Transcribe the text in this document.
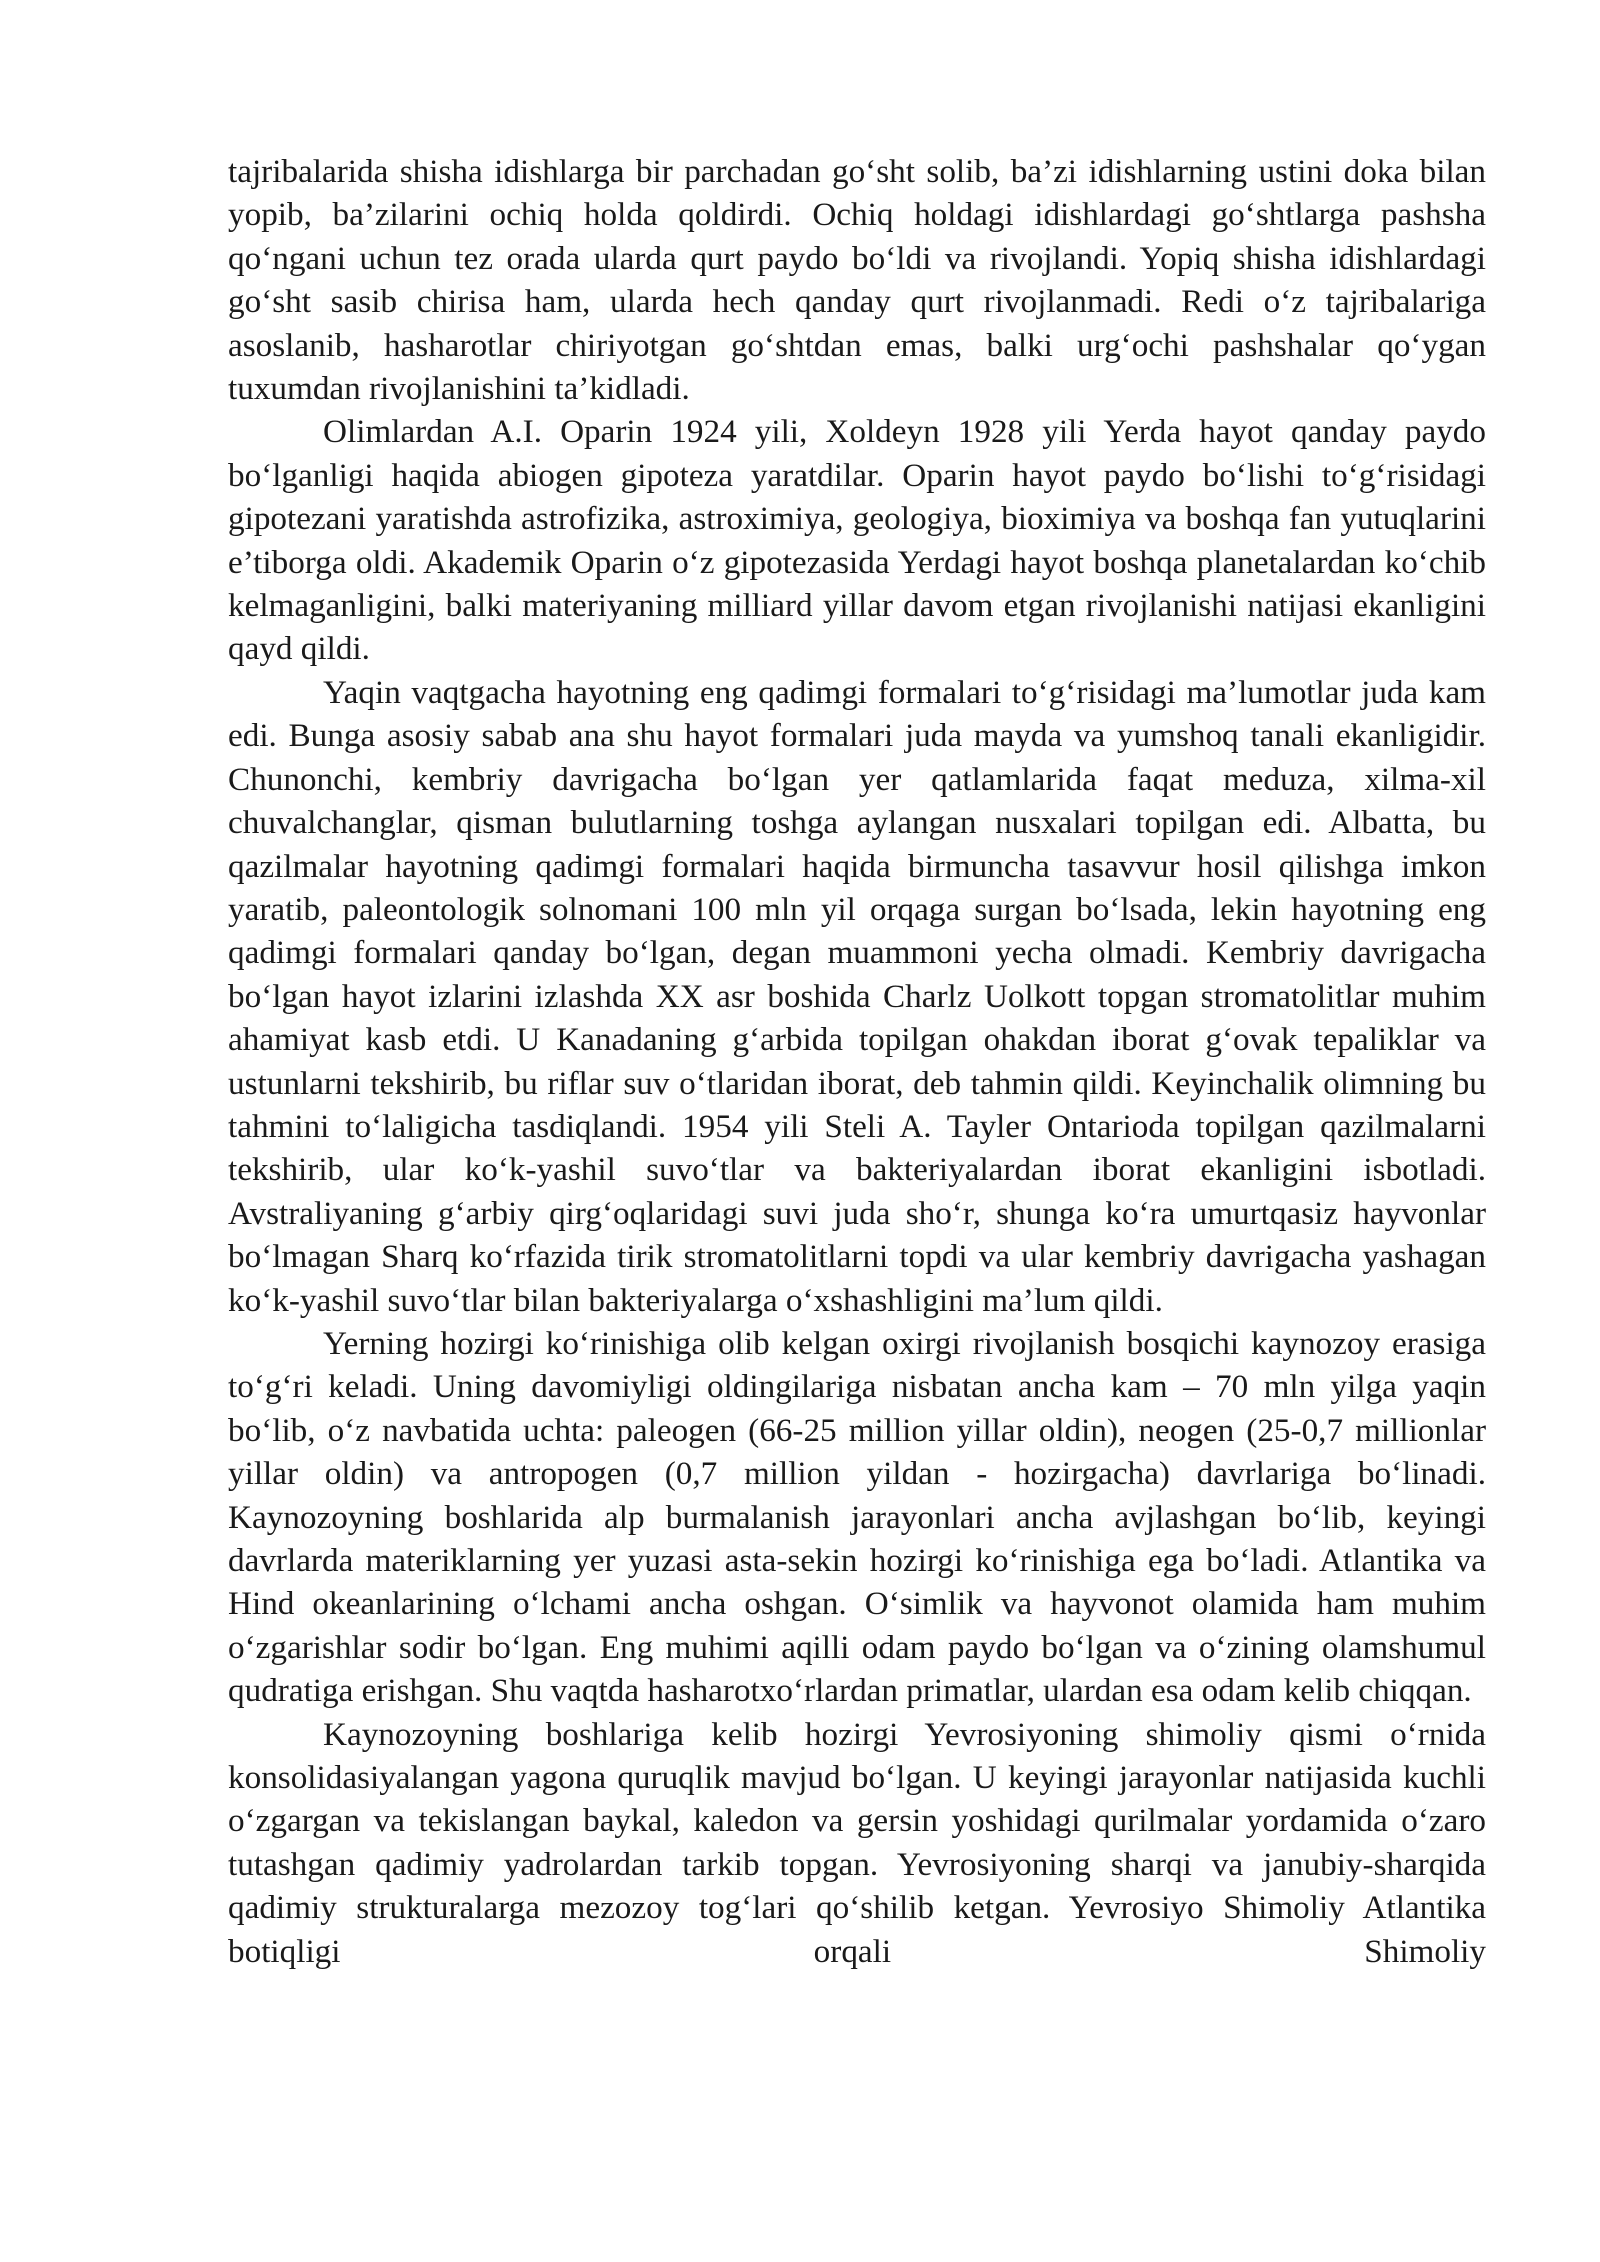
tajribalarida shisha idishlarga bir parchadan go‘sht solib, ba’zi idishlarning ustini doka bilan yopib, ba’zilarini ochiq holda qoldirdi. Ochiq holdagi idishlardagi go‘shtlarga pashsha qo‘ngani uchun tez orada ularda qurt paydo bo‘ldi va rivojlandi. Yopiq shisha idishlardagi go‘sht sasib chirisa ham, ularda hech qanday qurt rivojlanmadi. Redi o‘z tajribalariga asoslanib, hasharotlar chiriyotgan go‘shtdan emas, balki urg‘ochi pashshalar qo‘ygan tuxumdan rivojlanishini ta’kidladi.

Olimlardan A.I. Oparin 1924 yili, Xoldeyn 1928 yili Yerda hayot qanday paydo bo‘lganligi haqida abiogen gipoteza yaratdilar. Oparin hayot paydo bo‘lishi to‘g‘risidagi gipotezani yaratishda astrofizika, astroximiya, geologiya, bioximiya va boshqa fan yutuqlarini e’tiborga oldi. Akademik Oparin o‘z gipotezasida Yerdagi hayot boshqa planetalardan ko‘chib kelmaganligini, balki materiyaning milliard yillar davom etgan rivojlanishi natijasi ekanligini qayd qildi.

Yaqin vaqtgacha hayotning eng qadimgi formalari to‘g‘risidagi ma’lumotlar juda kam edi. Bunga asosiy sabab ana shu hayot formalari juda mayda va yumshoq tanali ekanligidir. Chunonchi, kembriy davrigacha bo‘lgan yer qatlamlarida faqat meduza, xilma-xil chuvalchanglar, qisman bulutlarning toshga aylangan nusxalari topilgan edi. Albatta, bu qazilmalar hayotning qadimgi formalari haqida birmuncha tasavvur hosil qilishga imkon yaratib, paleontologik solnomani 100 mln yil orqaga surgan bo‘lsada, lekin hayotning eng qadimgi formalari qanday bo‘lgan, degan muammoni yecha olmadi. Kembriy davrigacha bo‘lgan hayot izlarini izlashda XX asr boshida Charlz Uolkott topgan stromatolitlar muhim ahamiyat kasb etdi. U Kanadaning g‘arbida topilgan ohakdan iborat g‘ovak tepaliklar va ustunlarni tekshirib, bu riflar suv o‘tlaridan iborat, deb tahmin qildi. Keyinchalik olimning bu tahmini to‘laligicha tasdiqlandi. 1954 yili Steli A. Tayler Ontarioda topilgan qazilmalarni tekshirib, ular ko‘k-yashil suvo‘tlar va bakteriyalardan iborat ekanligini isbotladi. Avstraliyaning g‘arbiy qirg‘oqlaridagi suvi juda sho‘r, shunga ko‘ra umurtqasiz hayvonlar bo‘lmagan Sharq ko‘rfazida tirik stromatolitlarni topdi va ular kembriy davrigacha yashagan ko‘k-yashil suvo‘tlar bilan bakteriyalarga o‘xshashligini ma’lum qildi.

Yerning hozirgi ko‘rinishiga olib kelgan oxirgi rivojlanish bosqichi kaynozoy erasiga to‘g‘ri keladi. Uning davomiyligi oldingilariga nisbatan ancha kam – 70 mln yilga yaqin bo‘lib, o‘z navbatida uchta: paleogen (66-25 million yillar oldin), neogen (25-0,7 millionlar yillar oldin) va antropogen (0,7 million yildan - hozirgacha) davrlariga bo‘linadi. Kaynozoyning boshlarida alp burmalanish jarayonlari ancha avjlashgan bo‘lib, keyingi davrlarda materiklarning yer yuzasi asta-sekin hozirgi ko‘rinishiga ega bo‘ladi. Atlantika va Hind okeanlarining o‘lchami ancha oshgan. O‘simlik va hayvonot olamida ham muhim o‘zgarishlar sodir bo‘lgan. Eng muhimi aqilli odam paydo bo‘lgan va o‘zining olamshumul qudratiga erishgan. Shu vaqtda hasharotxo‘rlardan primatlar, ulardan esa odam kelib chiqqan.

Kaynozoyning boshlariga kelib hozirgi Yevrosiyoning shimoliy qismi o‘rnida konsolidasiyalangan yagona quruqlik mavjud bo‘lgan. U keyingi jarayonlar natijasida kuchli o‘zgargan va tekislangan baykal, kaledon va gersin yoshidagi qurilmalar yordamida o‘zaro tutashgan qadimiy yadrolardan tarkib topgan. Yevrosiyoning sharqi va janubiy-sharqida qadimiy strukturalarga mezozoy tog‘lari qo‘shilib ketgan. Yevrosiyo Shimoliy Atlantika botiqligi orqali Shimoliy
